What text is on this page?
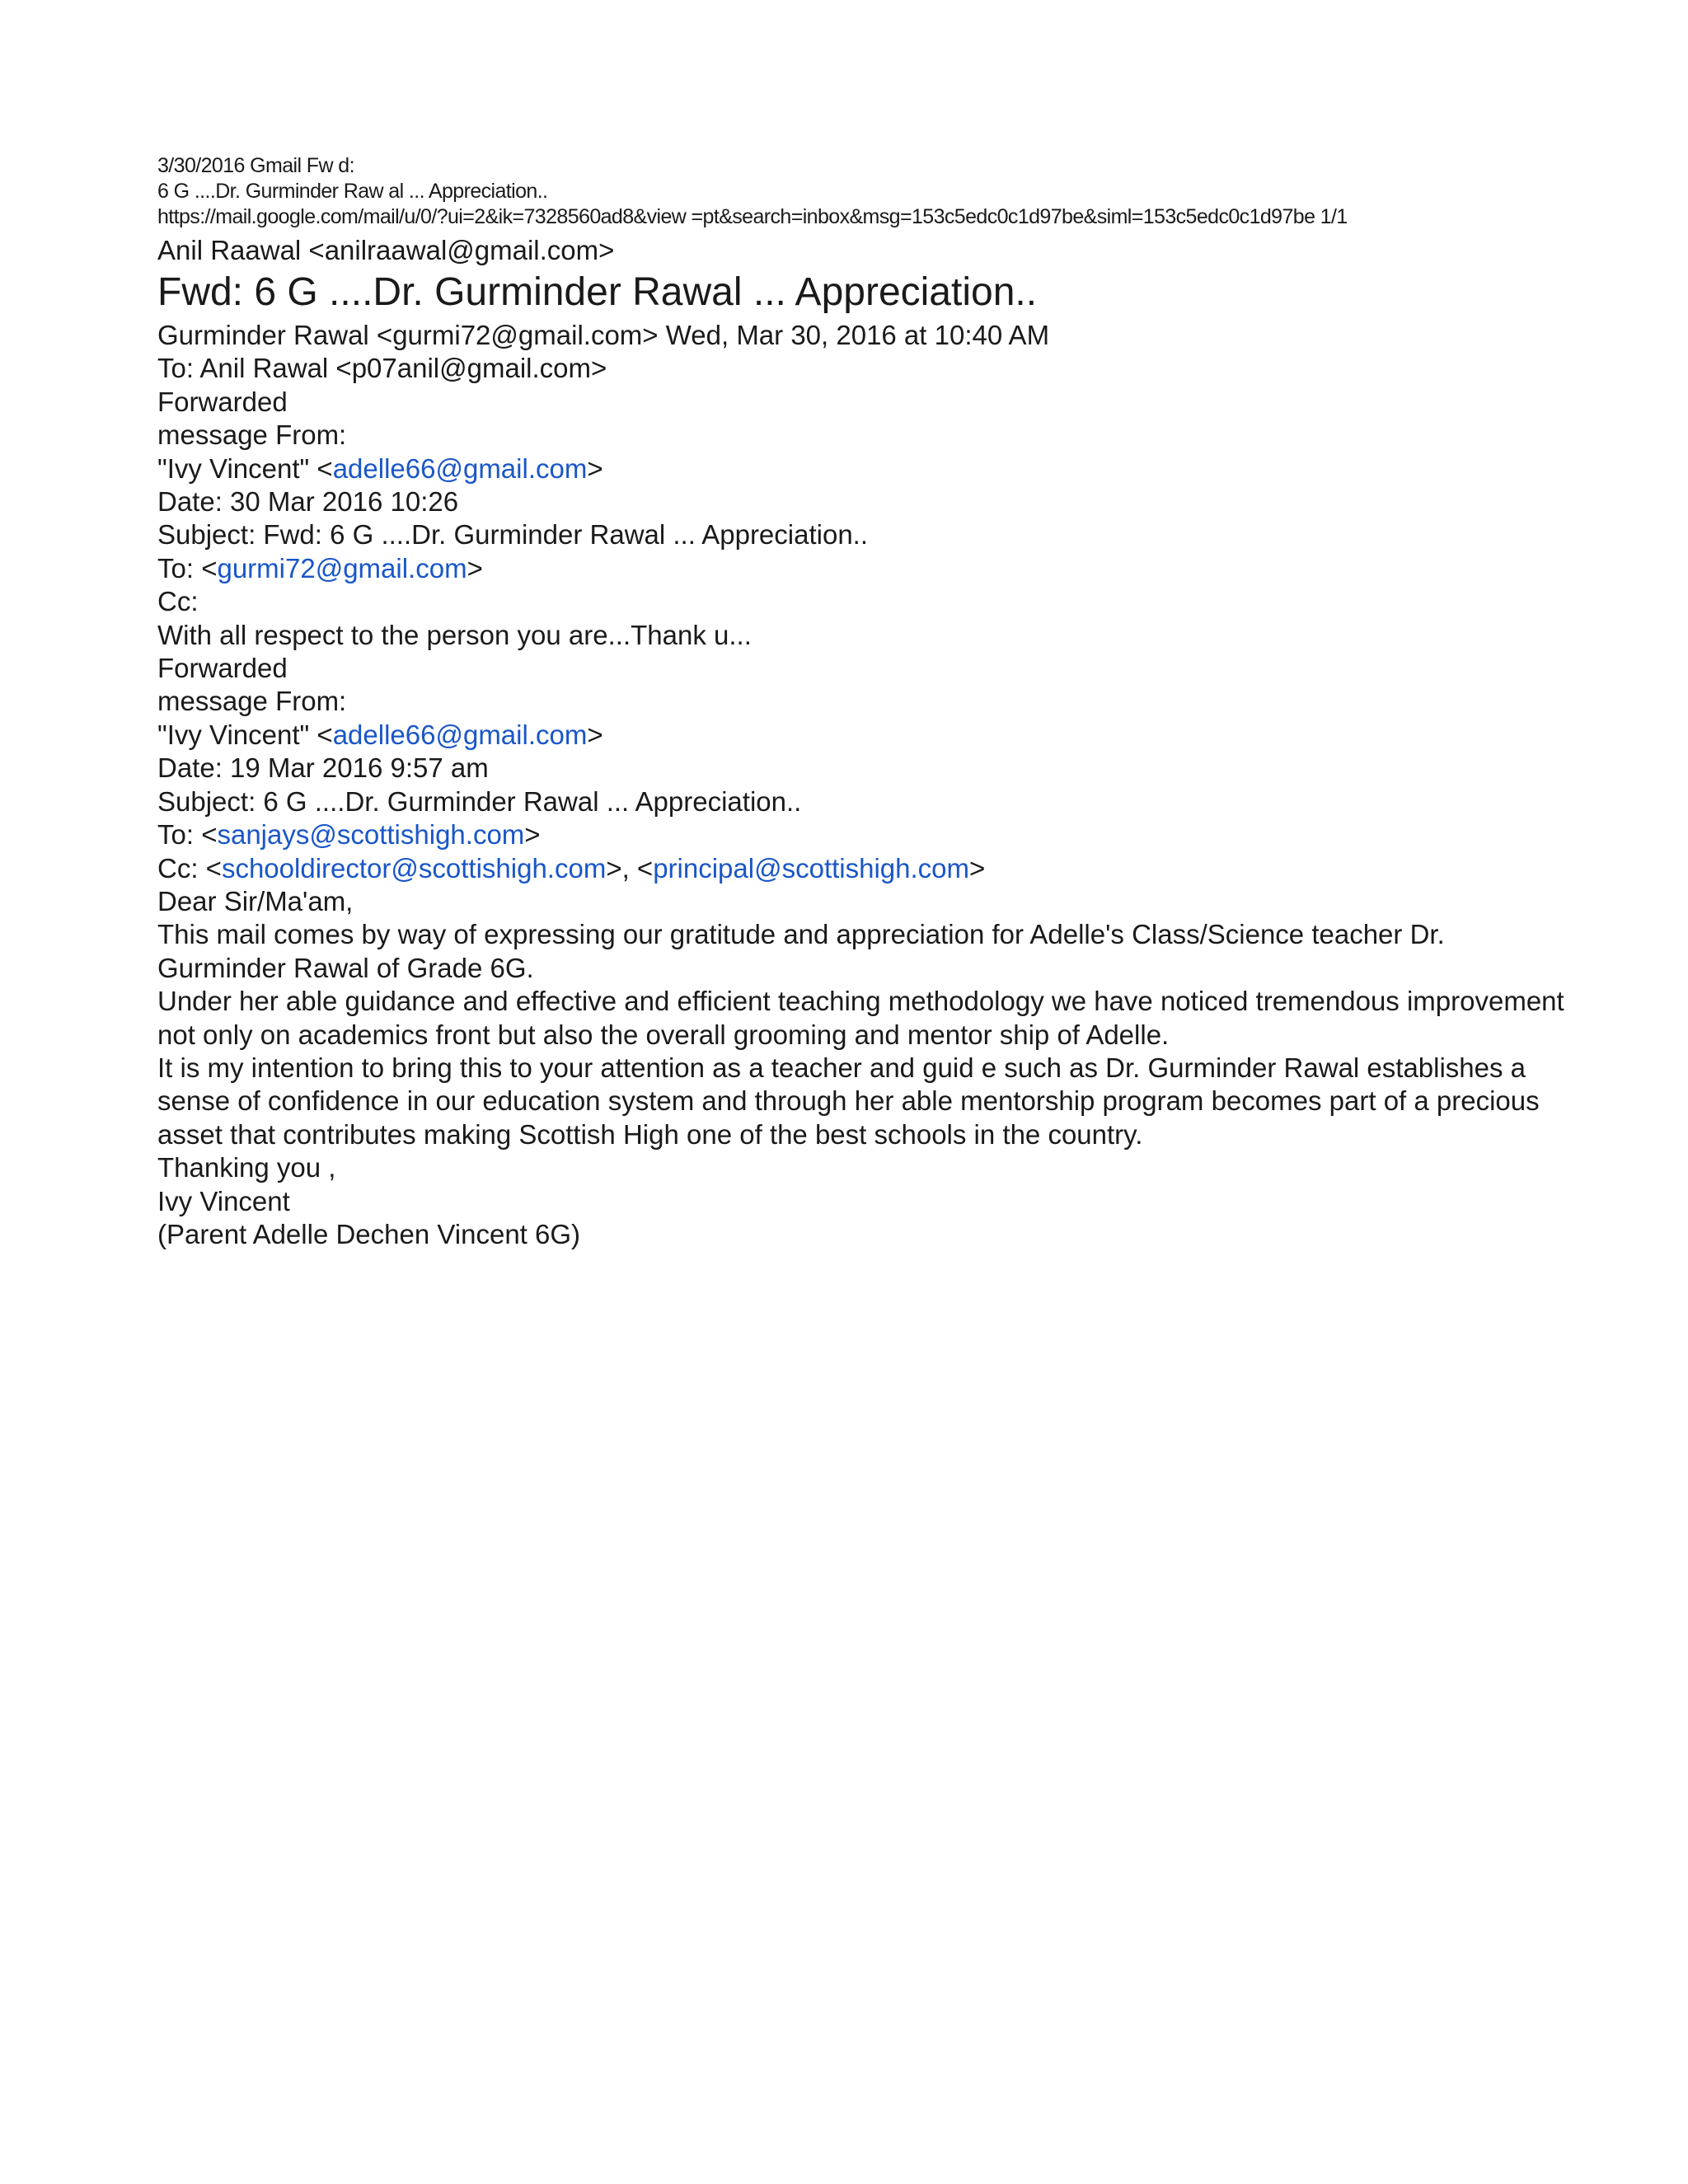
3/30/2016 Gmail Fw d:
6 G ....Dr. Gurminder Raw al ... Appreciation..
https://mail.google.com/mail/u/0/?ui=2&ik=7328560ad8&view =pt&search=inbox&msg=153c5edc0c1d97be&siml=153c5edc0c1d97be 1/1
Anil Raawal <anilraawal@gmail.com>
Fwd: 6 G ....Dr. Gurminder Rawal ... Appreciation..
Gurminder Rawal <gurmi72@gmail.com> Wed, Mar 30, 2016 at 10:40 AM
To: Anil Rawal <p07anil@gmail.com>
Forwarded
message From:
"Ivy Vincent" <adelle66@gmail.com>
Date: 30 Mar 2016 10:26
Subject: Fwd: 6 G ....Dr. Gurminder Rawal ... Appreciation..
To: <gurmi72@gmail.com>
Cc:
With all respect to the person you are...Thank u...
Forwarded
message From:
"Ivy Vincent" <adelle66@gmail.com>
Date: 19 Mar 2016 9:57 am
Subject: 6 G ....Dr. Gurminder Rawal ... Appreciation..
To: <sanjays@scottishigh.com>
Cc: <schooldirector@scottishigh.com>, <principal@scottishigh.com>
Dear Sir/Ma'am,
This mail comes by way of expressing our gratitude and appreciation for Adelle's Class/Science teacher Dr. Gurminder Rawal of Grade 6G.
Under her able guidance and effective and efficient teaching methodology we have noticed tremendous improvement not only on academics front but also the overall grooming and mentor ship of Adelle.
It is my intention to bring this to your attention as a teacher and guid e such as Dr. Gurminder Rawal establishes a sense of confidence in our education system and through her able mentorship program becomes part of a precious asset that contributes making Scottish High one of the best schools in the country.
Thanking you ,
Ivy Vincent
(Parent Adelle Dechen Vincent 6G)
